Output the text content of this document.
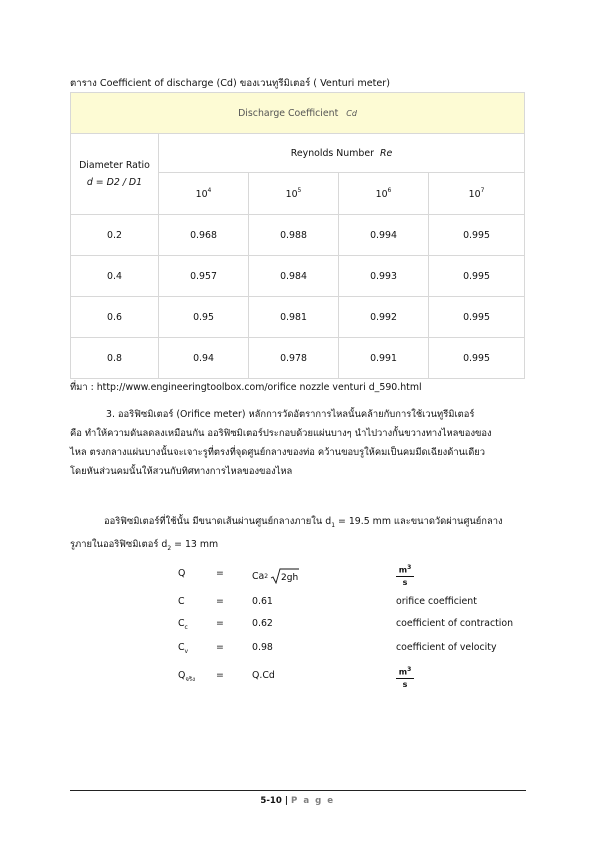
ตาราง Coefficient of discharge (Cd) ของเวนทูรีมิเตอร์ ( Venturi meter)
Discharge Coefficient Cd				

Diameter Ratio
d = D2 / D1	Reynolds Number Re			
	$10^4$	$10^5$	$10^6$	$10^7$
0.2	0.968	0.988	0.994	0.995
0.4	0.957	0.984	0.993	0.995
0.6	0.95	0.981	0.992	0.995
0.8	0.94	0.978	0.991	0.995
ที่มา : http://www.engineeringtoolbox.com/orifice nozzle venturi d_590.html
3. ออริฟิซมิเตอร์ (Orifice meter) หลักการวัดอัตราการไหลนั้นคล้ายกับการใช้เวนทูรีมิเตอร์
คือ ทำให้ความดันลดลงเหมือนกัน ออริฟิซมิเตอร์ประกอบด้วยแผ่นบางๆ นำไปวางกั้นขวางทางไหลของของ
ไหล ตรงกลางแผ่นบางนั้นจะเจาะรูที่ตรงที่จุดศูนย์กลางของท่อ คว้านขอบรูให้คมเป็นคมมีดเฉียงด้านเดียว
โดยหันส่วนคมนั้นให้สวนกับทิศทางการไหลของของไหล
ออริฟิซมิเตอร์ที่ใช้นั้น มีขนาดเส้นผ่านศูนย์กลางภายใน $d_1 = 19.5$ mm และขนาดวัดผ่านศูนย์กลาง
รูภายในออริฟิซมิเตอร์ $d_2 = 13$ mm
Q	=	Ca 2 2gh	$\frac{m^3}{s}$
C	=	0.61	orifice coefficient
$C_c$	=	0.62	coefficient of contraction
$C_v$	=	0.98	coefficient of velocity
$Q_{จริง}$ =	Q.Cd	$\frac{m^3}{s}$
5-10 | P a g e
